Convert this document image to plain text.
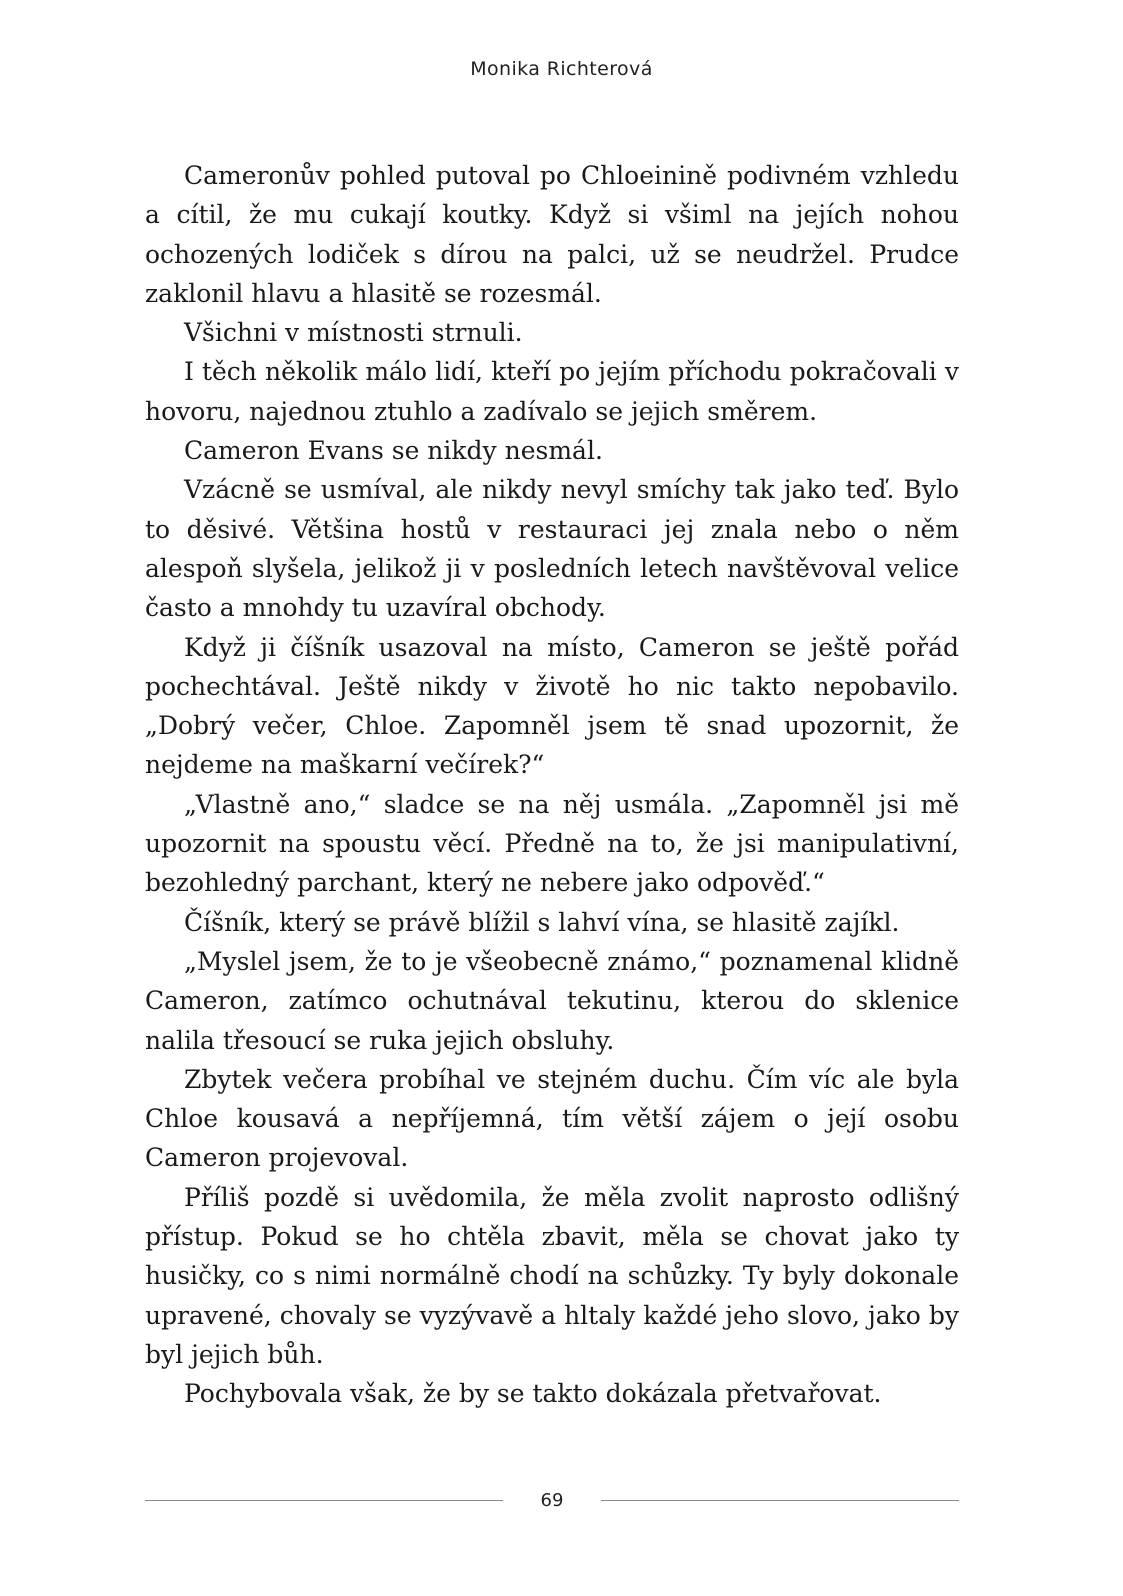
Monika Richterová

Cameronův pohled putoval po Chloeinině podivném vzhledu a cítil, že mu cukají koutky. Když si všiml na jejích nohou ochozených lodiček s dírou na palci, už se neudržel. Prudce zaklonil hlavu a hlasitě se rozesmál.

Všichni v místnosti strnuli.

I těch několik málo lidí, kteří po jejím příchodu pokračovali v hovoru, najednou ztuhlo a zadívalo se jejich směrem.

Cameron Evans se nikdy nesmál.

Vzácně se usmíval, ale nikdy nevyl smíchy tak jako teď. Bylo to děsivé. Většina hostů v restauraci jej znala nebo o něm alespoň slyšela, jelikož ji v posledních letech navštěvoval velice často a mnohdy tu uzavíral obchody.

Když ji číšník usazoval na místo, Cameron se ještě pořád pochechtával. Ještě nikdy v životě ho nic takto nepobavilo. „Dobrý večer, Chloe. Zapomněl jsem tě snad upozornit, že nejdeme na maškarní večírek?“

„Vlastně ano,“ sladce se na něj usmála. „Zapomněl jsi mě upozornit na spoustu věcí. Předně na to, že jsi manipulativní, bezohledný parchant, který ne nebere jako odpověď.“

Číšník, který se právě blížil s lahví vína, se hlasitě zajíkl.

„Myslel jsem, že to je všeobecně známo,“ poznamenal klidně Cameron, zatímco ochutnával tekutinu, kterou do sklenice nalila třesoucí se ruka jejich obsluhy.

Zbytek večera probíhal ve stejném duchu. Čím víc ale byla Chloe kousavá a nepříjemná, tím větší zájem o její osobu Cameron projevoval.

Příliš pozdě si uvědomila, že měla zvolit naprosto odlišný přístup. Pokud se ho chtěla zbavit, měla se chovat jako ty husičky, co s nimi normálně chodí na schůzky. Ty byly dokonale upravené, chovaly se vyzývavě a hltaly každé jeho slovo, jako by byl jejich bůh.

Pochybovala však, že by se takto dokázala přetvařovat.

69
